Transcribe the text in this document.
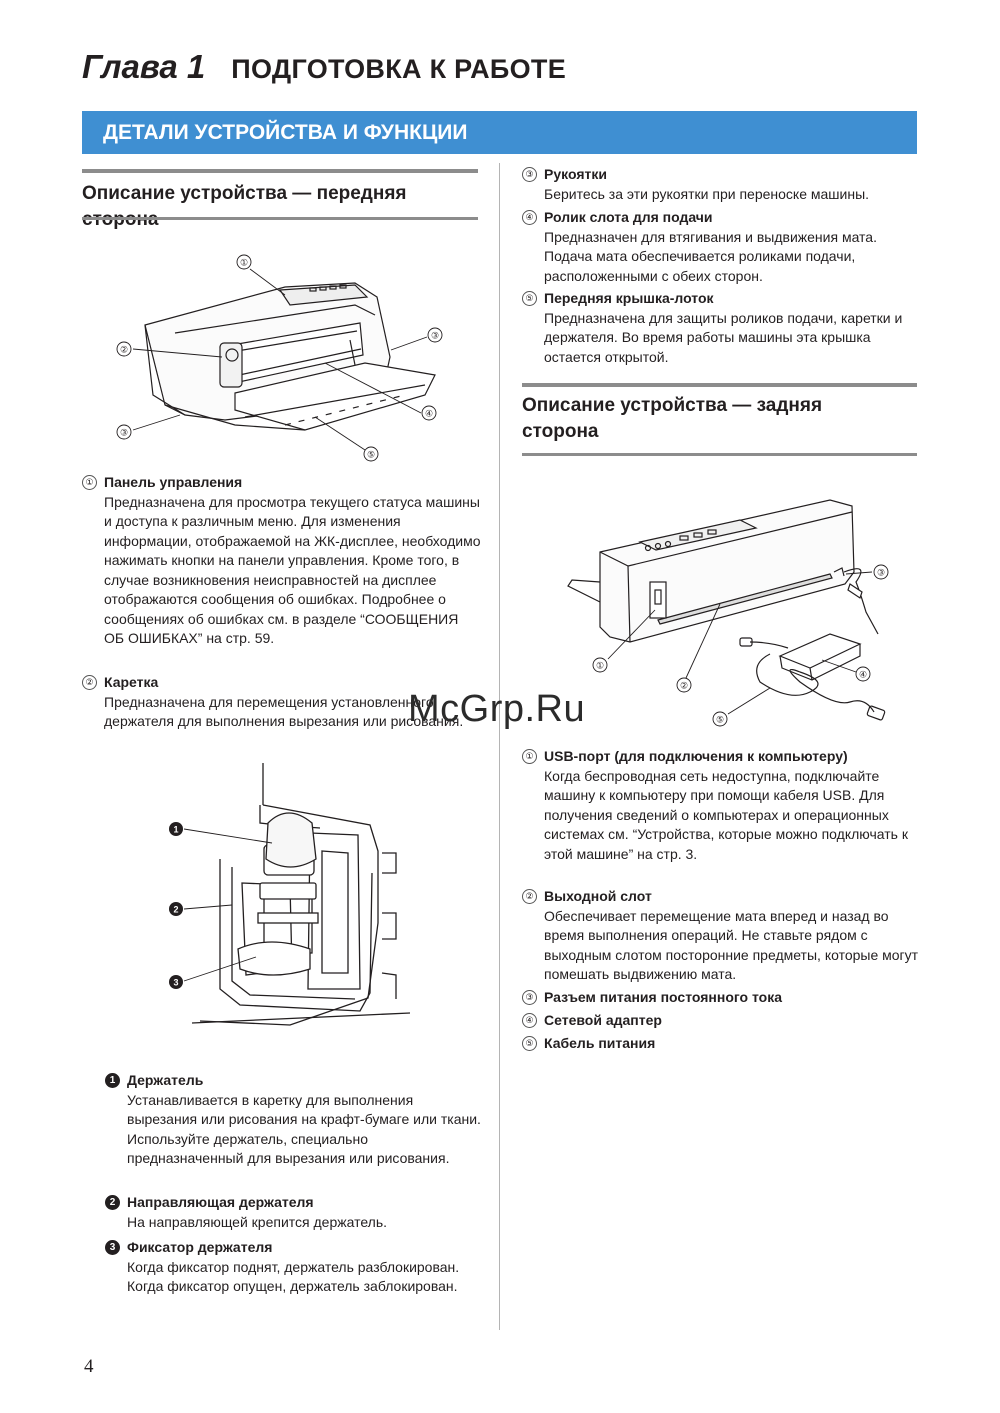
Глава 1 ПОДГОТОВКА К РАБОТЕ
ДЕТАЛИ УСТРОЙСТВА И ФУНКЦИИ
Описание устройства — передняя
①
②
③
③
④
⑤
① Панель управления
Предназначена для просмотра текущего статуса машины и доступа к различным меню. Для изменения информации, отображаемой на ЖК-дисплее, необходимо нажимать кнопки на панели управления. Кроме того, в случае возникновения неисправностей на дисплее отображаются сообщения об ошибках. Подробнее о сообщениях об ошибках см. в разделе “СООБЩЕНИЯ ОБ ОШИБКАХ” на стр. 59.
② Каретка
Предназначена для перемещения установленного держателя для выполнения вырезания или рисования.
1
2
3
1 Держатель
Устанавливается в каретку для выполнения вырезания или рисования на крафт-бумаге или ткани. Используйте держатель, специально предназначенный для вырезания или рисования.
2 Направляющая держателя
На направляющей крепится держатель.
3 Фиксатор держателя
Когда фиксатор поднят, держатель разблокирован. Когда фиксатор опущен, держатель заблокирован.
③ Рукоятки
Беритесь за эти рукоятки при переноске машины.
④ Ролик слота для подачи
Предназначен для втягивания и выдвижения мата. Подача мата обеспечивается роликами подачи, расположенными с обеих сторон.
⑤ Передняя крышка-лоток
Предназначена для защиты роликов подачи, каретки и держателя. Во время работы машины эта крышка остается открытой.
Описание устройства — задняя сторона
①
②
③
④
⑤
① USB-порт (для подключения к компьютеру)
Когда беспроводная сеть недоступна, подключайте машину к компьютеру при помощи кабеля USB. Для получения сведений о компьютерах и операционных системах см. “Устройства, которые можно подключать к этой машине” на стр. 3.
② Выходной слот
Обеспечивает перемещение мата вперед и назад во время выполнения операций. Не ставьте рядом с выходным слотом посторонние предметы, которые могут помешать выдвижению мата.
③ Разъем питания постоянного тока
④ Сетевой адаптер
⑤ Кабель питания
McGrp.Ru
4
